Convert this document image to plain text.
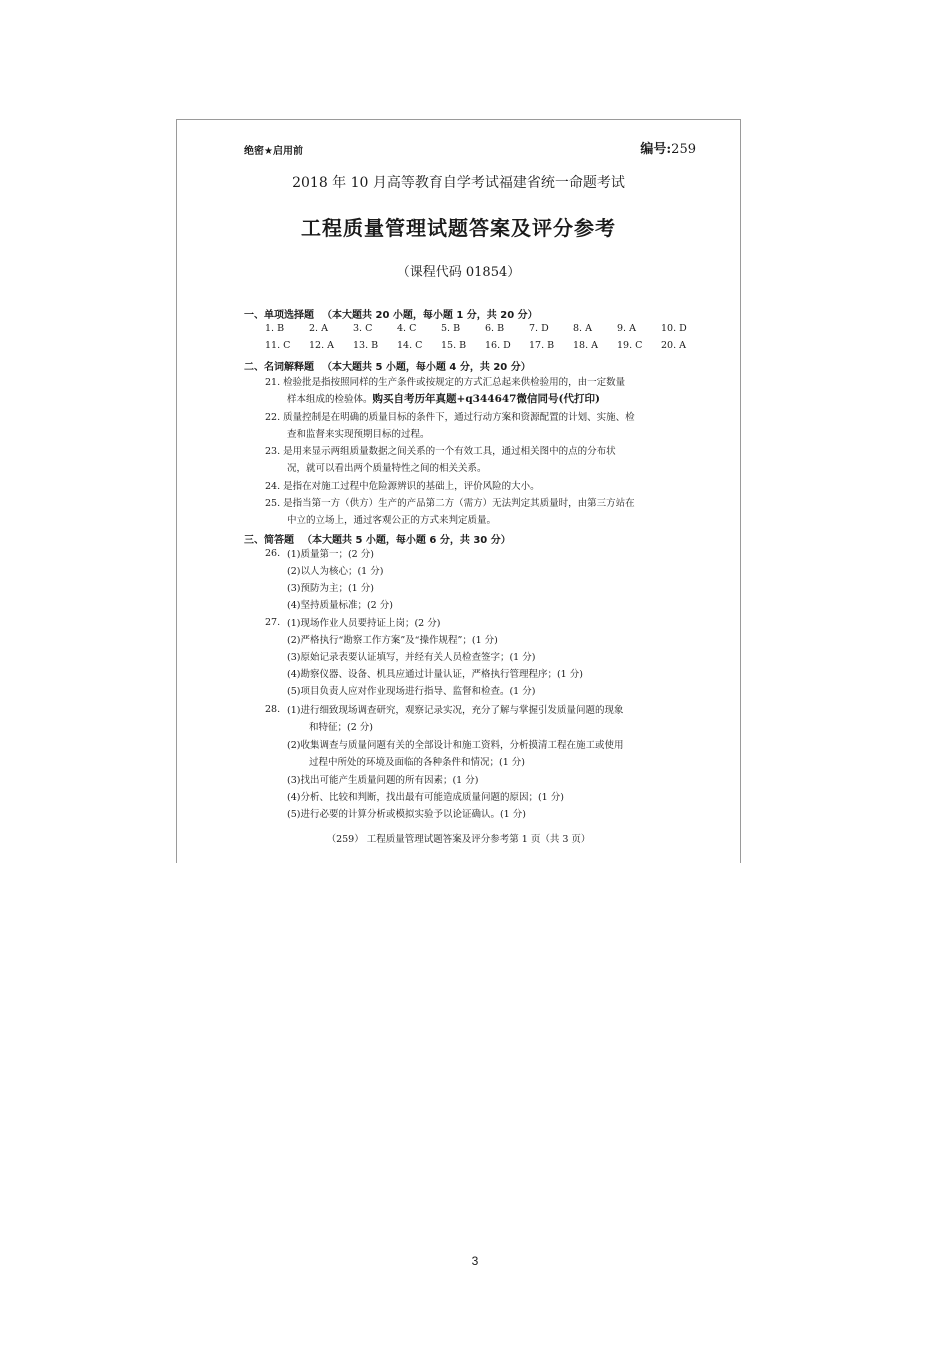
绝密★启用前	编号:259
2018 年 10 月高等教育自学考试福建省统一命题考试
工程质量管理试题答案及评分参考
（课程代码 01854）
一、单项选择题 （本大题共 20 小题，每小题 1 分，共 20 分）
1. B	2. A	3. C	4. C	5. B	6. B	7. D	8. A	9. A	10. D
11. C 12. A 13. B 14. C 15. B 16. D 17. B 18. A 19. C 20. A
二、名词解释题 （本大题共 5 小题，每小题 4 分，共 20 分）
21. 检验批是指按照同样的生产条件或按规定的方式汇总起来供检验用的，由一定数量
样本组成的检验体。购买自考历年真题+q344647微信同号(代打印)
22. 质量控制是在明确的质量目标的条件下，通过行动方案和资源配置的计划、实施、检
查和监督来实现预期目标的过程。
23. 是用来显示两组质量数据之间关系的一个有效工具，通过相关图中的点的分布状
况，就可以看出两个质量特性之间的相关关系。
24. 是指在对施工过程中危险源辨识的基础上，评价风险的大小。
25. 是指当第一方（供方）生产的产品第二方（需方）无法判定其质量时，由第三方站在
中立的立场上，通过客观公正的方式来判定质量。
三、简答题 （本大题共 5 小题，每小题 6 分，共 30 分）
26. (1)质量第一；(2 分)
(2)以人为核心；(1 分)
(3)预防为主；(1 分)
(4)坚持质量标准；(2 分)
27. (1)现场作业人员要持证上岗；(2 分)
(2)严格执行“勘察工作方案”及“操作规程”；(1 分)
(3)原始记录表要认证填写，并经有关人员检查签字；(1 分)
(4)勘察仪器、设备、机具应通过计量认证，严格执行管理程序；(1 分)
(5)项目负责人应对作业现场进行指导、监督和检查。(1 分)
28. (1)进行细致现场调查研究，观察记录实况，充分了解与掌握引发质量问题的现象
和特征；(2 分)
(2)收集调查与质量问题有关的全部设计和施工资料，分析摸清工程在施工或使用
过程中所处的环境及面临的各种条件和情况；(1 分)
(3)找出可能产生质量问题的所有因素；(1 分)
(4)分析、比较和判断，找出最有可能造成质量问题的原因；(1 分)
(5)进行必要的计算分析或模拟实验予以论证确认。(1 分)
（259） 工程质量管理试题答案及评分参考第 1 页（共 3 页）
3
